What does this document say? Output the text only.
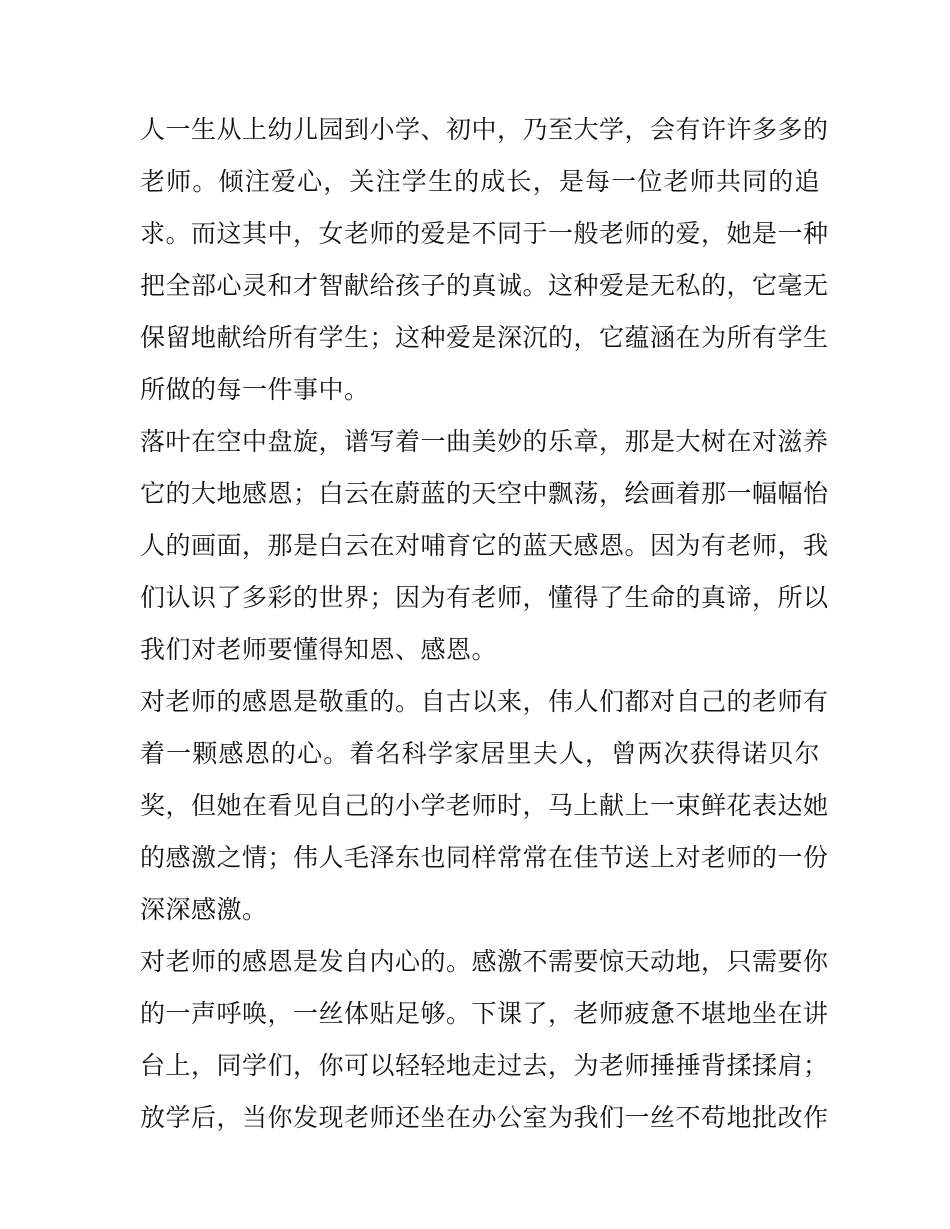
人一生从上幼儿园到小学、初中，乃至大学，会有许许多多的
老师。倾注爱心，关注学生的成长，是每一位老师共同的追
求。而这其中，女老师的爱是不同于一般老师的爱，她是一种
把全部心灵和才智献给孩子的真诚。这种爱是无私的，它毫无
保留地献给所有学生；这种爱是深沉的，它蕴涵在为所有学生
所做的每一件事中。
落叶在空中盘旋，谱写着一曲美妙的乐章，那是大树在对滋养
它的大地感恩；白云在蔚蓝的天空中飘荡，绘画着那一幅幅怡
人的画面，那是白云在对哺育它的蓝天感恩。因为有老师，我
们认识了多彩的世界；因为有老师，懂得了生命的真谛，所以
我们对老师要懂得知恩、感恩。
对老师的感恩是敬重的。自古以来，伟人们都对自己的老师有
着一颗感恩的心。着名科学家居里夫人，曾两次获得诺贝尔
奖，但她在看见自己的小学老师时，马上献上一束鲜花表达她
的感激之情；伟人毛泽东也同样常常在佳节送上对老师的一份
深深感激。
对老师的感恩是发自内心的。感激不需要惊天动地，只需要你
的一声呼唤，一丝体贴足够。下课了，老师疲惫不堪地坐在讲
台上，同学们，你可以轻轻地走过去，为老师捶捶背揉揉肩；
放学后，当你发现老师还坐在办公室为我们一丝不苟地批改作
